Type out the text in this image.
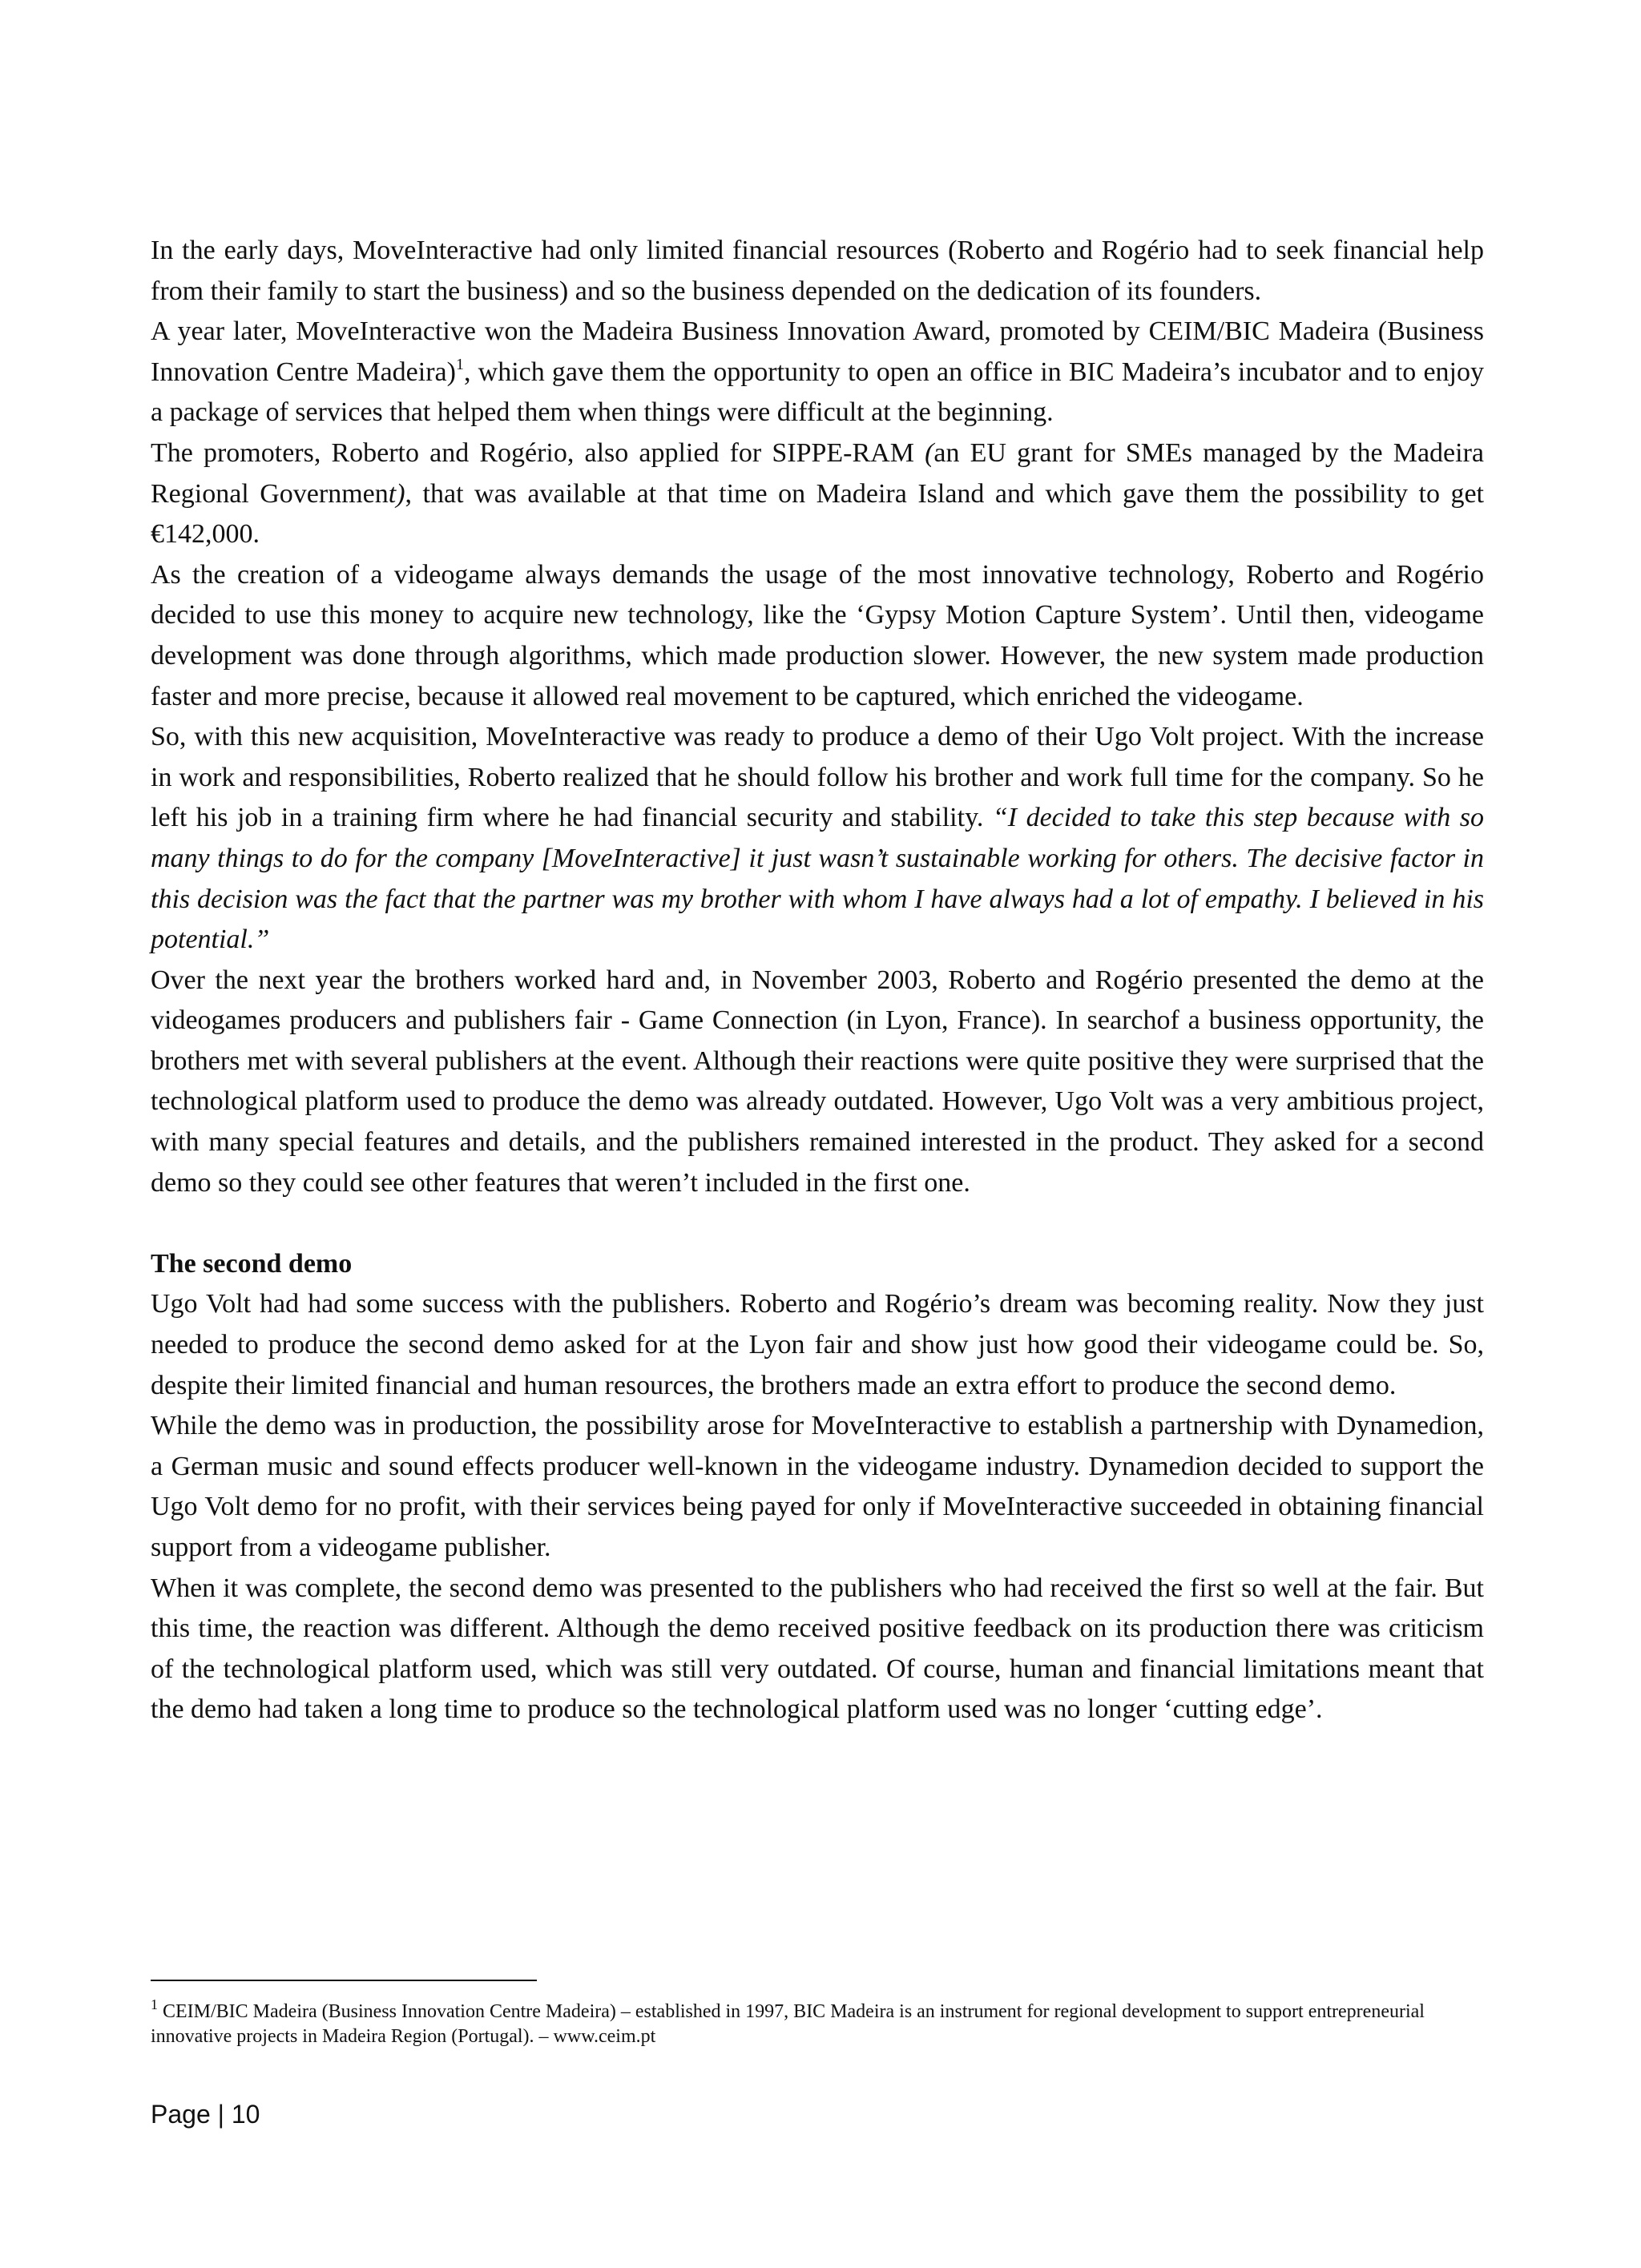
In the early days, MoveInteractive had only limited financial resources (Roberto and Rogério had to seek financial help from their family to start the business) and so the business depended on the dedication of its founders.

A year later, MoveInteractive won the Madeira Business Innovation Award, promoted by CEIM/BIC Madeira (Business Innovation Centre Madeira)$^1$, which gave them the opportunity to open an office in BIC Madeira’s incubator and to enjoy a package of services that helped them when things were difficult at the beginning.

The promoters, Roberto and Rogério, also applied for SIPPE-RAM (an EU grant for SMEs managed by the Madeira Regional Government), that was available at that time on Madeira Island and which gave them the possibility to get €142,000.

As the creation of a videogame always demands the usage of the most innovative technology, Roberto and Rogério decided to use this money to acquire new technology, like the ‘Gypsy Motion Capture System’. Until then, videogame development was done through algorithms, which made production slower. However, the new system made production faster and more precise, because it allowed real movement to be captured, which enriched the videogame.

So, with this new acquisition, MoveInteractive was ready to produce a demo of their Ugo Volt project. With the increase in work and responsibilities, Roberto realized that he should follow his brother and work full time for the company. So he left his job in a training firm where he had financial security and stability. “I decided to take this step because with so many things to do for the company [MoveInteractive] it just wasn’t sustainable working for others. The decisive factor in this decision was the fact that the partner was my brother with whom I have always had a lot of empathy. I believed in his potential.”

Over the next year the brothers worked hard and, in November 2003, Roberto and Rogério presented the demo at the videogames producers and publishers fair - Game Connection (in Lyon, France). In searchof a business opportunity, the brothers met with several publishers at the event. Although their reactions were quite positive they were surprised that the technological platform used to produce the demo was already outdated. However, Ugo Volt was a very ambitious project, with many special features and details, and the publishers remained interested in the product. They asked for a second demo so they could see other features that weren’t included in the first one.

The second demo

Ugo Volt had had some success with the publishers. Roberto and Rogério’s dream was becoming reality. Now they just needed to produce the second demo asked for at the Lyon fair and show just how good their videogame could be. So, despite their limited financial and human resources, the brothers made an extra effort to produce the second demo.

While the demo was in production, the possibility arose for MoveInteractive to establish a partnership with Dynamedion, a German music and sound effects producer well-known in the videogame industry. Dynamedion decided to support the Ugo Volt demo for no profit, with their services being payed for only if MoveInteractive succeeded in obtaining financial support from a videogame publisher.

When it was complete, the second demo was presented to the publishers who had received the first so well at the fair. But this time, the reaction was different. Although the demo received positive feedback on its production there was criticism of the technological platform used, which was still very outdated. Of course, human and financial limitations meant that the demo had taken a long time to produce so the technological platform used was no longer ‘cutting edge’.

$^1$ CEIM/BIC Madeira (Business Innovation Centre Madeira) – established in 1997, BIC Madeira is an instrument for regional development to support entrepreneurial innovative projects in Madeira Region (Portugal). – www.ceim.pt

Page | 10
